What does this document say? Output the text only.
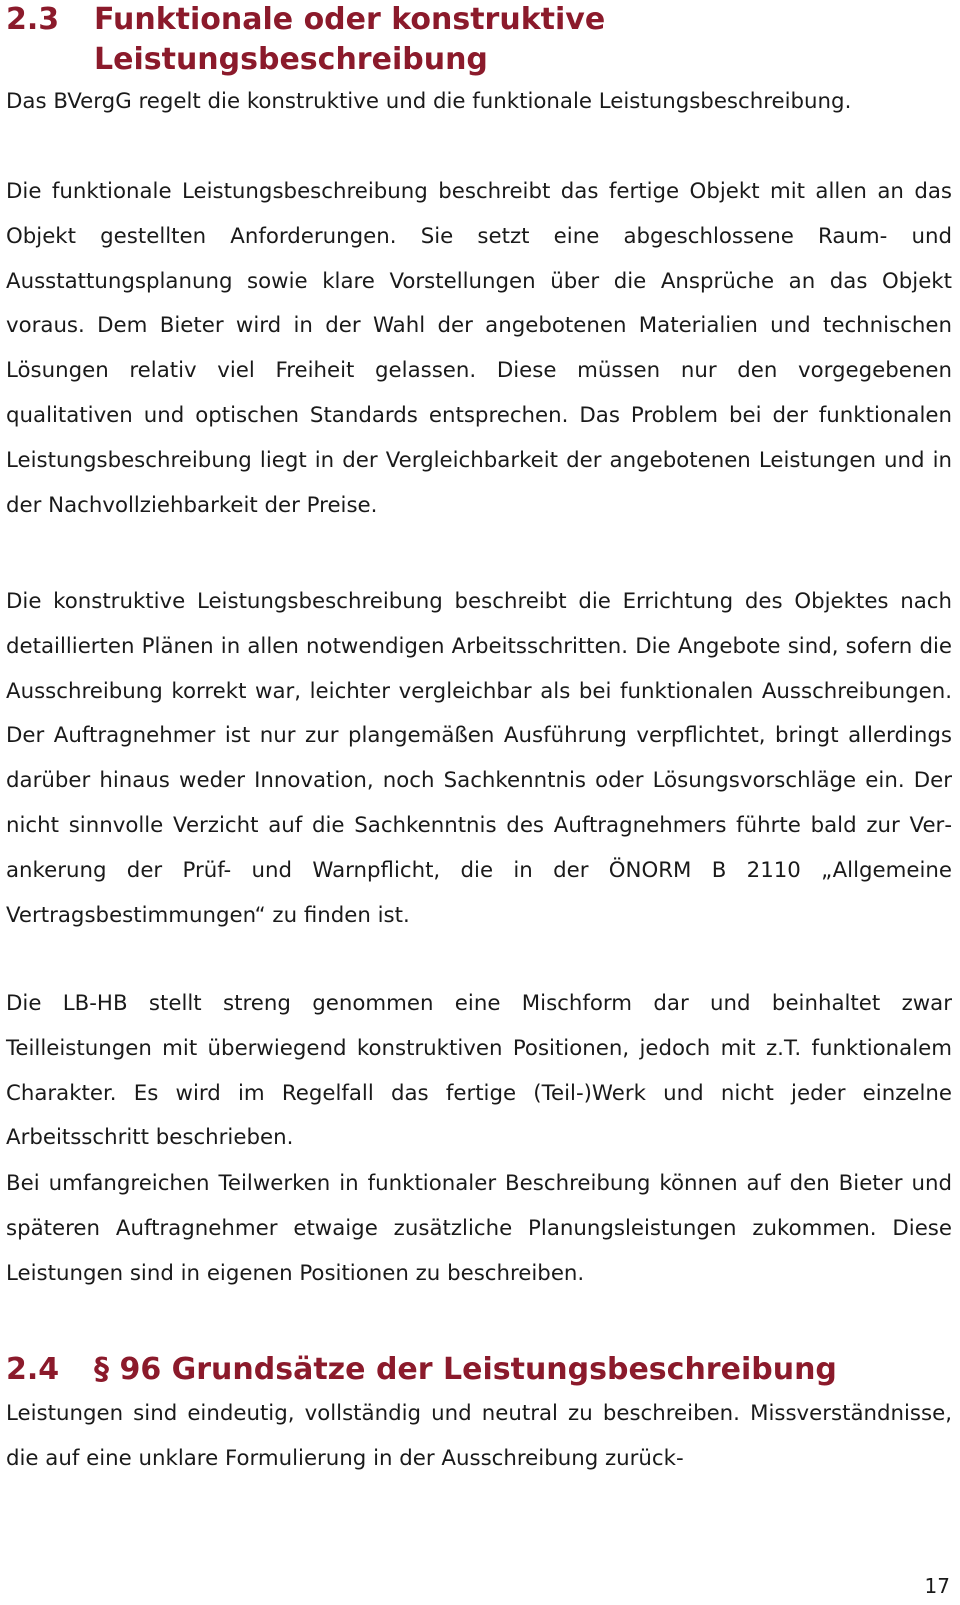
2.3 Funktionale oder konstruktive
Leistungsbeschreibung

Das BVergG regelt die konstruktive und die funktionale Leistungsbeschreibung.

Die funktionale Leistungsbeschreibung beschreibt das fertige Objekt mit allen an das Objekt gestellten Anforderungen. Sie setzt eine abgeschlossene Raum- und Ausstattungsplanung sowie klare Vorstellungen über die Ansprüche an das Objekt voraus. Dem Bieter wird in der Wahl der angebotenen Materialien und technischen Lösungen relativ viel Freiheit gelassen. Diese müssen nur den vorgegebenen qualitativen und optischen Standards entsprechen. Das Problem bei der funktionalen Leistungsbeschreibung liegt in der Vergleichbarkeit der angebotenen Leistungen und in der Nachvollziehbarkeit der Preise.

Die konstruktive Leistungsbeschreibung beschreibt die Errichtung des Objektes nach detaillierten Plänen in allen notwendigen Arbeitsschritten. Die Angebote sind, sofern die Ausschreibung korrekt war, leichter vergleichbar als bei funktionalen Ausschreibungen. Der Auftragnehmer ist nur zur plangemäßen Ausführung verpflichtet, bringt allerdings darüber hinaus weder Innovation, noch Sachkenntnis oder Lösungsvorschläge ein. Der nicht sinnvolle Verzicht auf die Sachkenntnis des Auftragnehmers führte bald zur Verankerung der Prüf- und Warnpflicht, die in der ÖNORM B 2110 „Allgemeine Vertragsbestimmungen“ zu finden ist.

Die LB-HB stellt streng genommen eine Mischform dar und beinhaltet zwar Teilleistungen mit überwiegend konstruktiven Positionen, jedoch mit z.T. funktionalem Charakter. Es wird im Regelfall das fertige (Teil-)Werk und nicht jeder einzelne Arbeitsschritt beschrieben.

Bei umfangreichen Teilwerken in funktionaler Beschreibung können auf den Bieter und späteren Auftragnehmer etwaige zusätzliche Planungsleistungen zukommen. Diese Leistungen sind in eigenen Positionen zu beschreiben.

2.4 § 96 Grundsätze der Leistungsbeschreibung

Leistungen sind eindeutig, vollständig und neutral zu beschreiben. Missverständnisse, die auf eine unklare Formulierung in der Ausschreibung zurück-

17
